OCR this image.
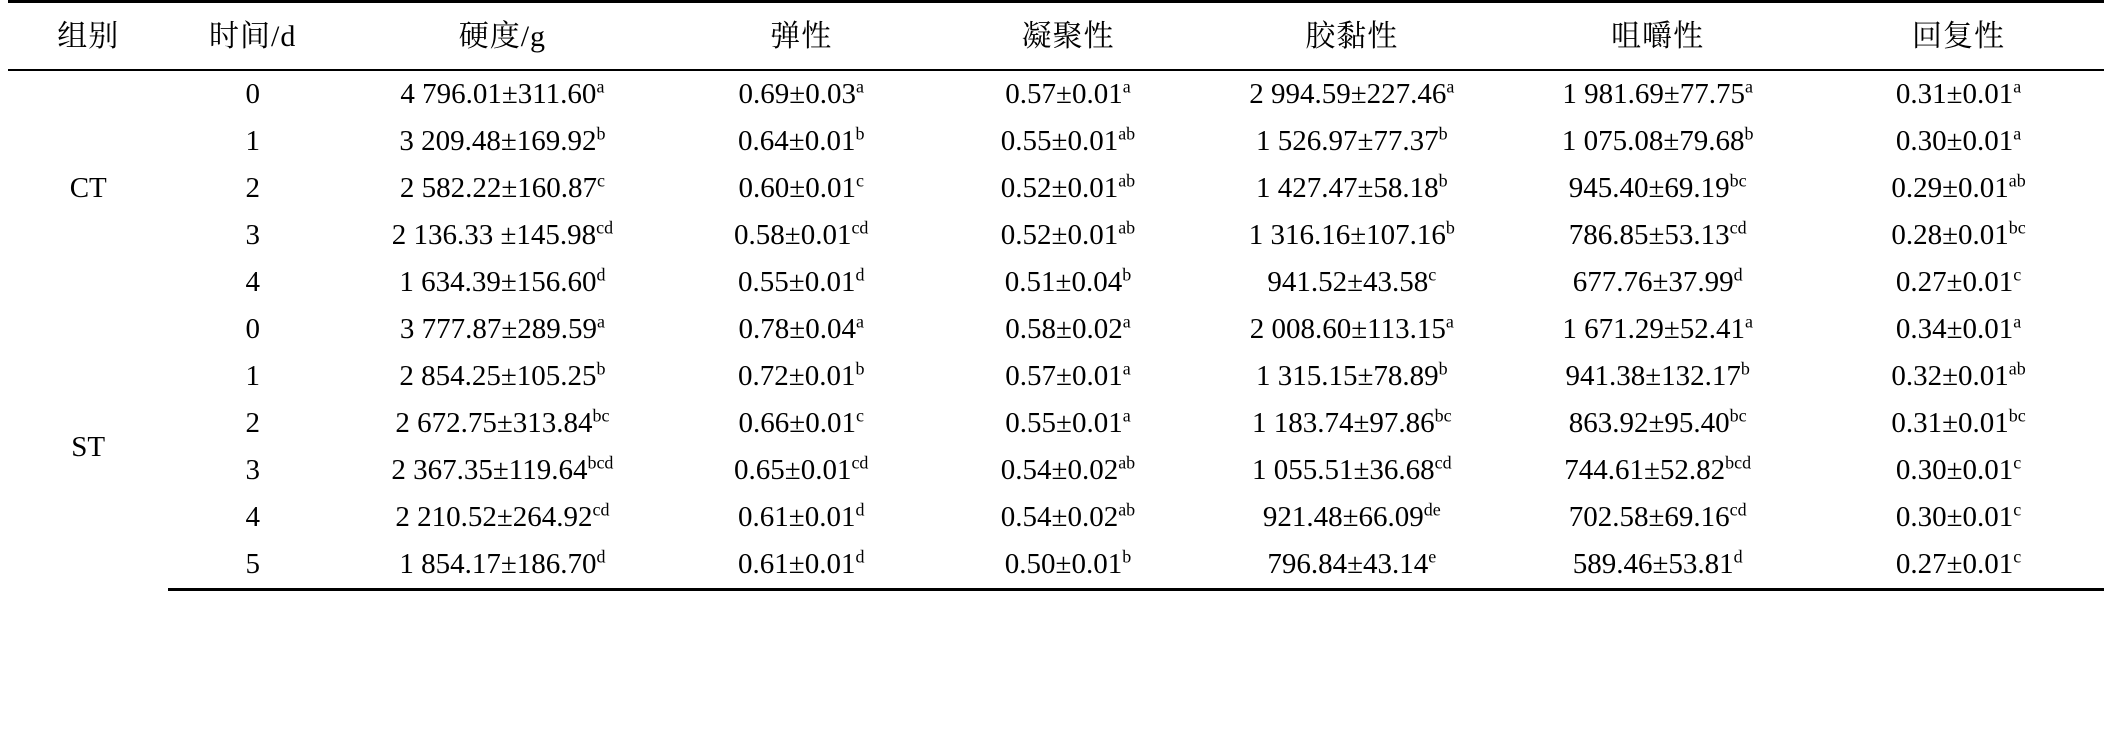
组别	时间/d	硬度/g	弹性	凝聚性	胶黏性	咀嚼性	回复性
CT	0	4 796.01±311.60$^a$	0.69±0.03$^a$	0.57±0.01$^a$	2 994.59±227.46$^a$	1 981.69±77.75$^a$	0.31±0.01$^a$
	1	3 209.48±169.92$^b$	0.64±0.01$^b$	0.55±0.01$^{ab}$	1 526.97±77.37$^b$	1 075.08±79.68$^b$	0.30±0.01$^a$
	2	2 582.22±160.87$^c$	0.60±0.01$^c$	0.52±0.01$^{ab}$	1 427.47±58.18$^b$	945.40±69.19$^{bc}$	0.29±0.01$^{ab}$
	3	2 136.33 ±145.98$^{cd}$	0.58±0.01$^{cd}$	0.52±0.01$^{ab}$	1 316.16±107.16$^b$	786.85±53.13$^{cd}$	0.28±0.01$^{bc}$
	4	1 634.39±156.60$^d$	0.55±0.01$^d$	0.51±0.04$^b$	941.52±43.58$^c$	677.76±37.99$^d$	0.27±0.01$^c$
ST	0	3 777.87±289.59$^a$	0.78±0.04$^a$	0.58±0.02$^a$	2 008.60±113.15$^a$	1 671.29±52.41$^a$	0.34±0.01$^a$
	1	2 854.25±105.25$^b$	0.72±0.01$^b$	0.57±0.01$^a$	1 315.15±78.89$^b$	941.38±132.17$^b$	0.32±0.01$^{ab}$
	2	2 672.75±313.84$^{bc}$	0.66±0.01$^c$	0.55±0.01$^a$	1 183.74±97.86$^{bc}$	863.92±95.40$^{bc}$	0.31±0.01$^{bc}$
	3	2 367.35±119.64$^{bcd}$	0.65±0.01$^{cd}$	0.54±0.02$^{ab}$	1 055.51±36.68$^{cd}$	744.61±52.82$^{bcd}$	0.30±0.01$^c$
	4	2 210.52±264.92$^{cd}$	0.61±0.01$^d$	0.54±0.02$^{ab}$	921.48±66.09de	702.58±69.16$^{cd}$	0.30±0.01$^c$
	5	1 854.17±186.70$^d$	0.61±0.01$^d$	0.50±0.01$^b$	796.84±43.14$^e$	589.46±53.81$^d$	0.27±0.01$^c$
